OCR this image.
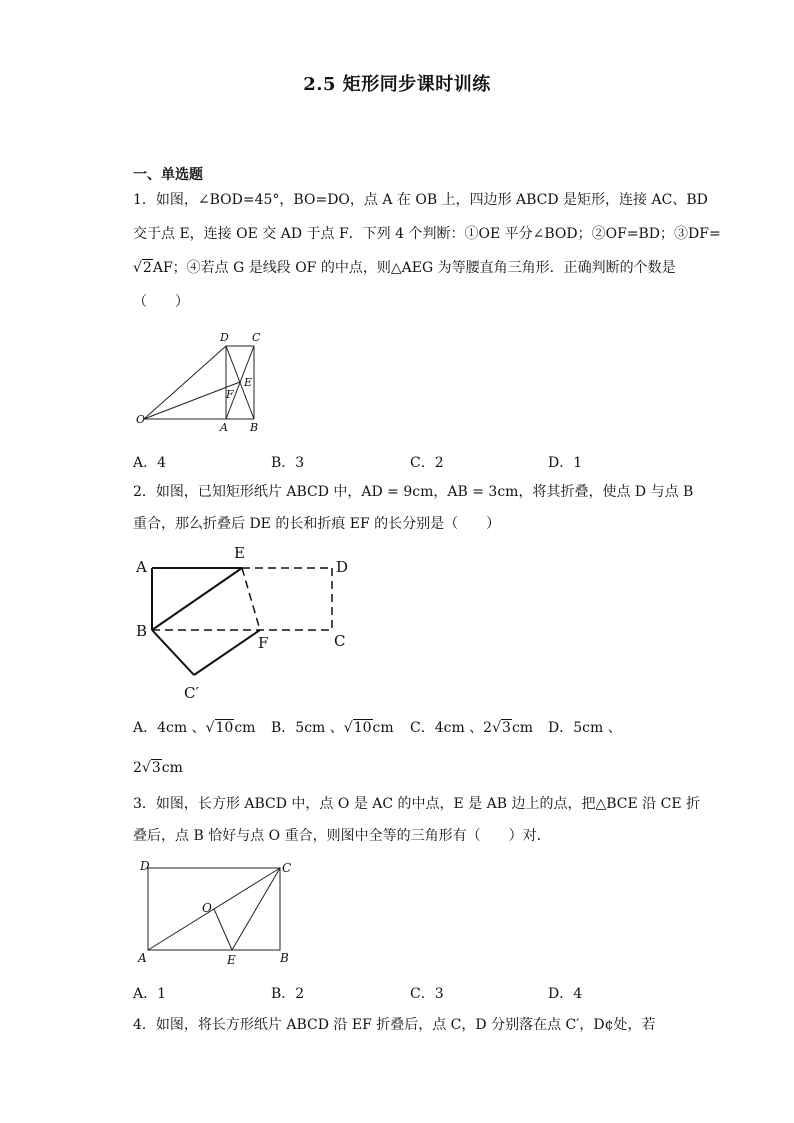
2.5 矩形同步课时训练
一、单选题
1．如图，∠BOD=45°，BO=DO，点 A 在 OB 上，四边形 ABCD 是矩形，连接 AC、BD
交于点 E，连接 OE 交 AD 于点 F．下列 4 个判断：①OE 平分∠BOD；②OF=BD；③DF=
√2AF；④若点 G 是线段 OF 的中点，则△AEG 为等腰直角三角形．正确判断的个数是
（　　）
D C
E
F
O
A B
A．4	B．3	C．2	D．1
2．如图，已知矩形纸片 ABCD 中，AD = 9cm，AB = 3cm，将其折叠，使点 D 与点 B
重合，那么折叠后 DE 的长和折痕 EF 的长分别是（　　）
A
E
D
B
F	C
C′
A．4cm 、√10cm B．5cm 、√10cm C．4cm 、2√3cm D．5cm 、
2√3cm
3．如图，长方形 ABCD 中，点 O 是 AC 的中点，E 是 AB 边上的点，把△BCE 沿 CE 折
叠后，点 B 恰好与点 O 重合，则图中全等的三角形有（　　）对．
D	C
O
A	E	B
A．1	B．2	C．3	D．4
4．如图，将长方形纸片 ABCD 沿 EF 折叠后，点 C，D 分别落在点 C′，D¢处，若
